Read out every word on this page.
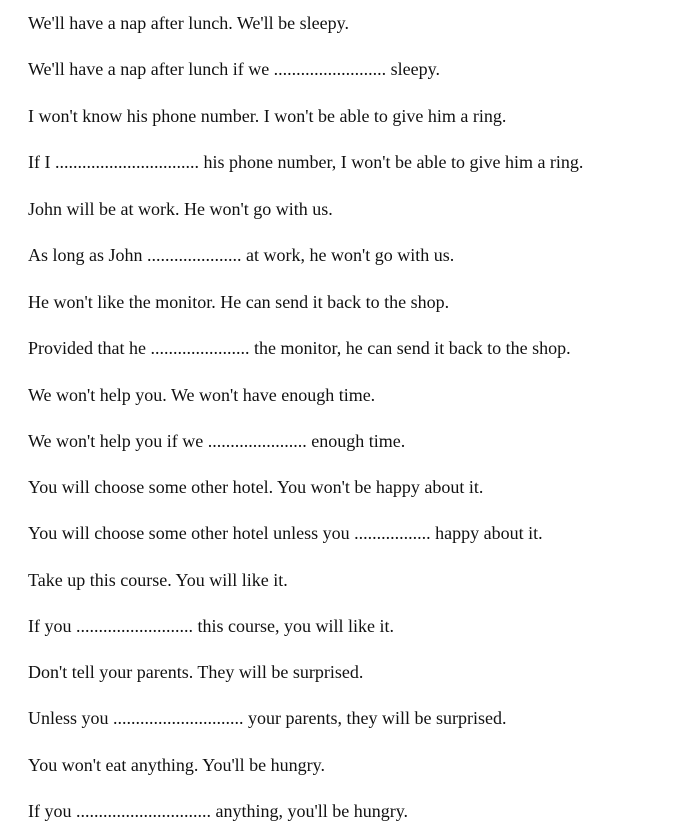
We'll have a nap after lunch. We'll be sleepy.

We'll have a nap after lunch if we ......................... sleepy.

I won't know his phone number. I won't be able to give him a ring.

If I ................................ his phone number, I won't be able to give him a ring.

John will be at work. He won't go with us.

As long as John ..................... at work, he won't go with us.

He won't like the monitor. He can send it back to the shop.

Provided that he ...................... the monitor, he can send it back to the shop.

We won't help you. We won't have enough time.

We won't help you if we ...................... enough time.

You will choose some other hotel. You won't be happy about it.

You will choose some other hotel unless you ................. happy about it.

Take up this course. You will like it.

If you .......................... this course, you will like it.

Don't tell your parents. They will be surprised.

Unless you ............................. your parents, they will be surprised.

You won't eat anything. You'll be hungry.

If you .............................. anything, you'll be hungry.
